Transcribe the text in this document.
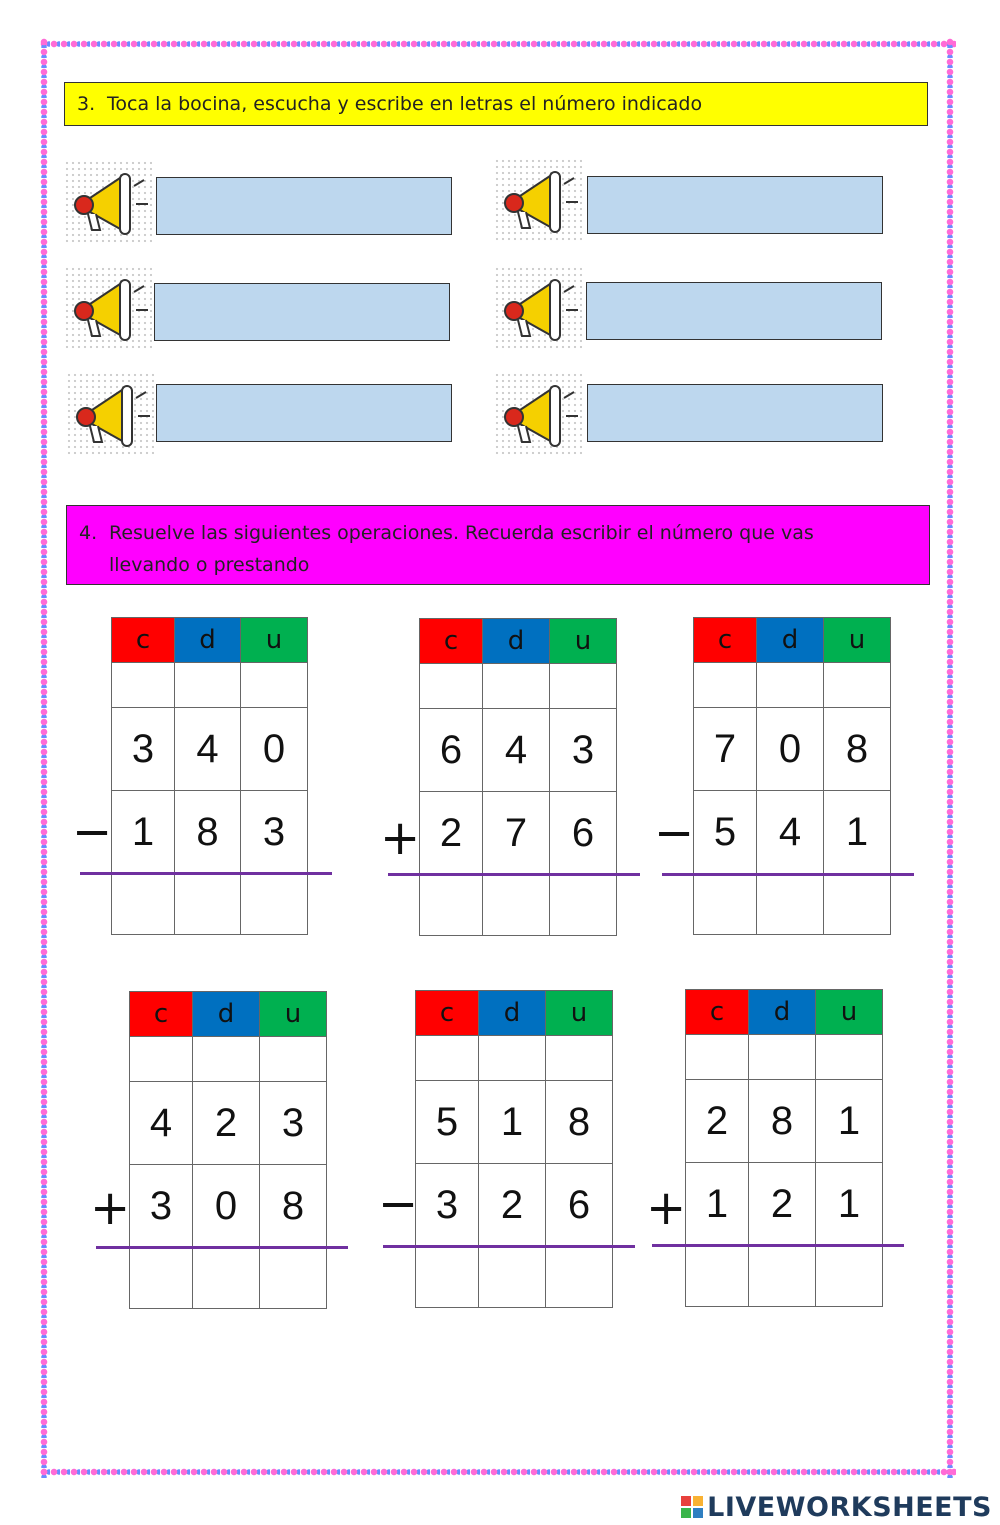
3. Toca la bocina, escucha y escribe en letras el número indicado
4. Resuelve las siguientes operaciones. Recuerda escribir el número que vas
llevando o prestando
c	d	u

3	4	0
1	8	3

−
c	d	u

6	4	3
2	7	6

+
c	d	u

7	0	8
5	4	1

−
c	d	u

4	2	3
3	0	8

+
c	d	u

5	1	8
3	2	6

−
c	d	u

2	8	1
1	2	1

+
LIVEWORKSHEETS
